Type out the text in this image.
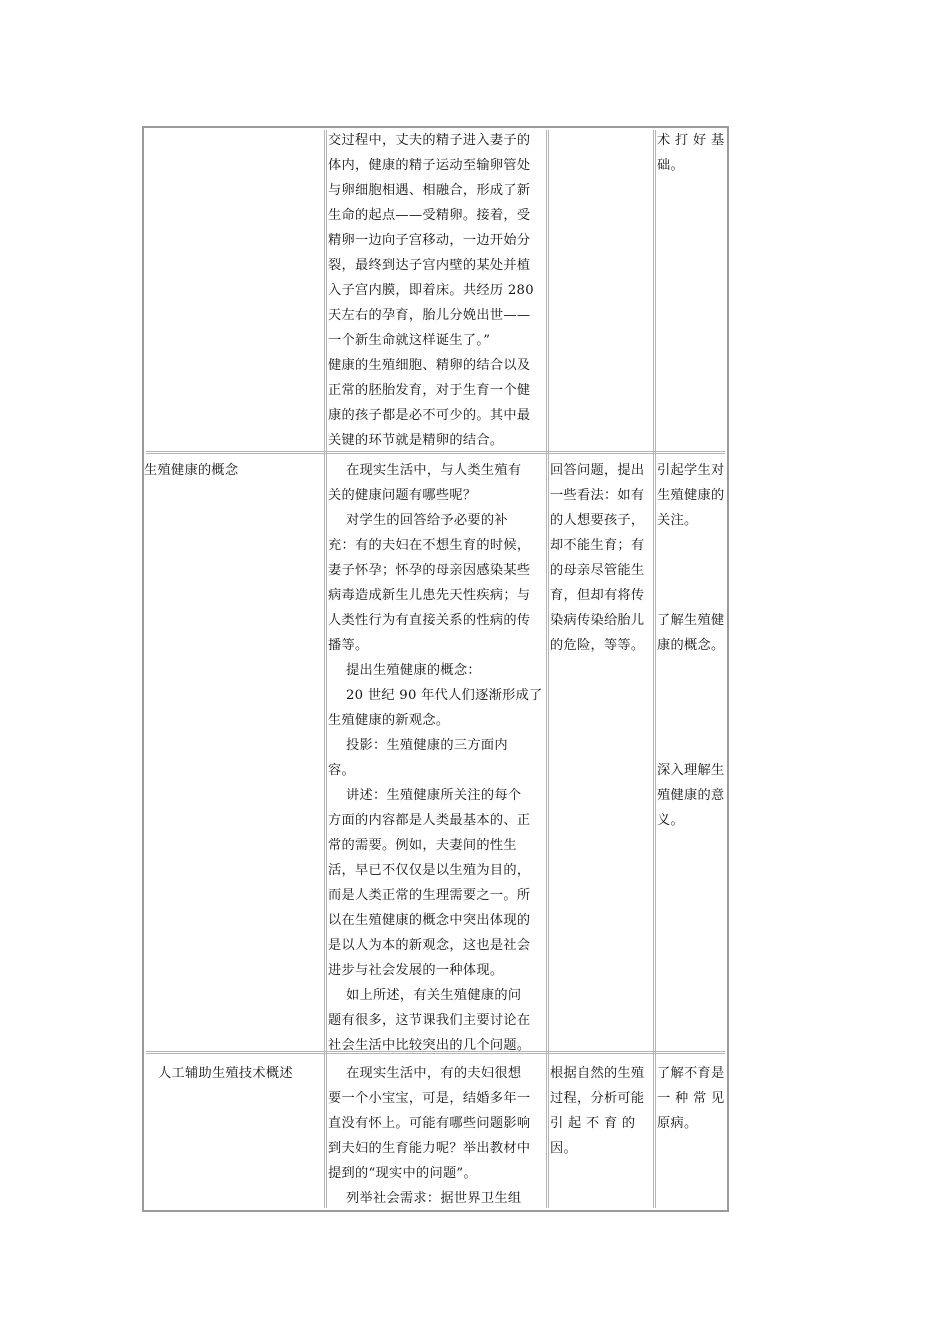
交过程中，丈夫的精子进入妻子的
体内，健康的精子运动至输卵管处
与卵细胞相遇、相融合，形成了新
生命的起点——受精卵。接着，受
精卵一边向子宫移动，一边开始分
裂，最终到达子宫内壁的某处并植
入子宫内膜，即着床。共经历 280
天左右的孕育，胎儿分娩出世——
一个新生命就这样诞生了。”
健康的生殖细胞、精卵的结合以及
正常的胚胎发育，对于生育一个健
康的孩子都是必不可少的。其中最
关键的环节就是精卵的结合。
术 打 好 基
础。
生殖健康的概念	在现实生活中，与人类生殖有
关的健康问题有哪些呢？
对学生的回答给予必要的补
充：有的夫妇在不想生育的时候，
妻子怀孕；怀孕的母亲因感染某些
病毒造成新生儿患先天性疾病；与
人类性行为有直接关系的性病的传
播等。
提出生殖健康的概念：
20 世纪 90 年代人们逐渐形成了
生殖健康的新观念。
投影：生殖健康的三方面内
容。
讲述：生殖健康所关注的每个
方面的内容都是人类最基本的、正
常的需要。例如，夫妻间的性生
活，早已不仅仅是以生殖为目的，
而是人类正常的生理需要之一。所
以在生殖健康的概念中突出体现的
是以人为本的新观念，这也是社会
进步与社会发展的一种体现。
如上所述，有关生殖健康的问
题有很多，这节课我们主要讨论在
社会生活中比较突出的几个问题。
回答问题，提出
一些看法：如有
的人想要孩子，
却不能生育；有
的母亲尽管能生
育，但却有将传
染病传染给胎儿
的危险，等等。
引起学生对
生殖健康的
关注。

了解生殖健
康的概念。

深入理解生
殖健康的意
义。
人工辅助生殖技术概述	在现实生活中，有的夫妇很想
要一个小宝宝，可是，结婚多年一
直没有怀上。可能有哪些问题影响
到夫妇的生育能力呢？举出教材中
提到的“现实中的问题”。
列举社会需求：据世界卫生组
根据自然的生殖
过程，分析可能
引 起 不 育 的
因。
了解不育是
一 种 常 见
原病。
